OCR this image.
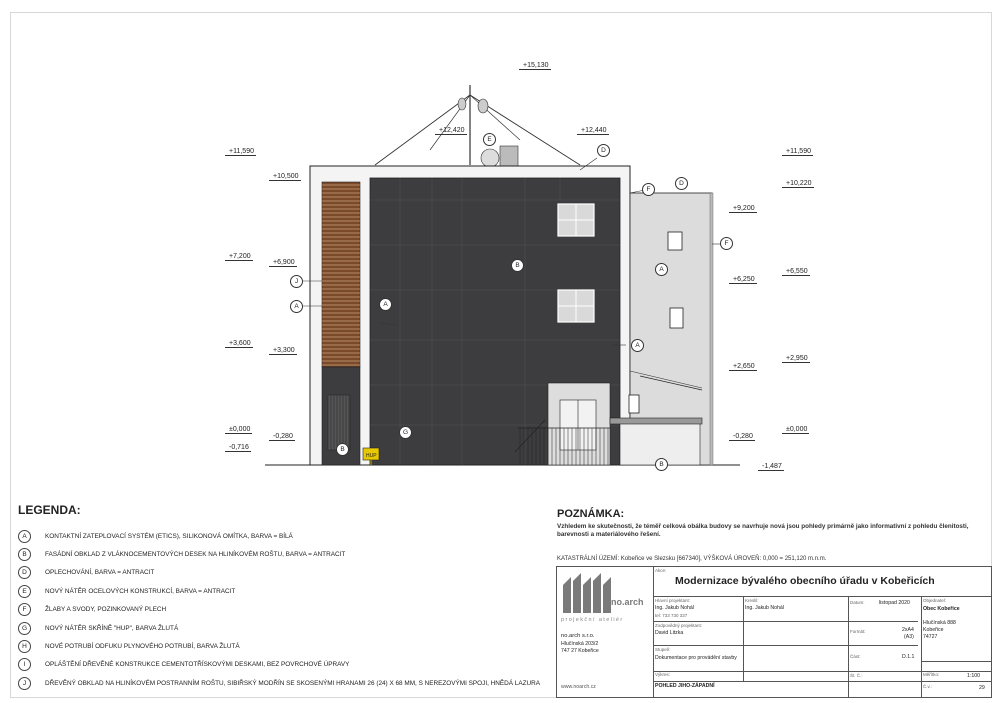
HUP
+15,130
+12,420	+12,440
+11,590
+10,500
+7,200
+6,900
+3,600
+3,300
±0,000
-0,716
-0,280
+11,590
+10,220
+9,200
+6,550
+6,250
+2,950
+2,650
-0,280
±0,000
-1,487
J
A	A
B
E
D
F
D
F
A
A
G
B
B
LEGENDA:
A	KONTAKTNÍ ZATEPLOVACÍ SYSTÉM (ETICS), SILIKONOVÁ OMÍTKA, BARVA = BÍLÁ
B	FASÁDNÍ OBKLAD Z VLÁKNOCEMENTOVÝCH DESEK NA HLINÍKOVÉM ROŠTU, BARVA = ANTRACIT
D	OPLECHOVÁNÍ, BARVA = ANTRACIT
E	NOVÝ NÁTĚR OCELOVÝCH KONSTRUKCÍ, BARVA = ANTRACIT
F	ŽLABY A SVODY, POZINKOVANÝ PLECH
G	NOVÝ NÁTĚR SKŘÍNĚ "HUP", BARVA ŽLUTÁ
H	NOVÉ POTRUBÍ ODFUKU PLYNOVÉHO POTRUBÍ, BARVA ŽLUTÁ
I	OPLÁŠTĚNÍ DŘEVĚNÉ KONSTRUKCE CEMENTOTŘÍSKOVÝMI DESKAMI, BEZ POVRCHOVÉ ÚPRAVY
J	DŘEVĚNÝ OBKLAD NA HLINÍKOVÉM POSTRANNÍM ROŠTU, SIBIŘSKÝ MODŘÍN SE SKOSENÝMI HRANAMI 26 (24) X 68 MM, S NEREZOVÝMI SPOJI, HNĚDÁ LAZURA
POZNÁMKA:
Vzhledem ke skutečnosti, že téměř celková obálka budovy se navrhuje nová jsou pohledy primárně jako informativní z pohledu členitosti, barevnosti a materiálového řešení.
KATASTRÁLNÍ ÚZEMÍ: Kobeřice ve Slezsku [667340], VÝŠKOVÁ ÚROVEŇ: 0,000 = 251,120 m.n.m.
no.arch
projekční ateliér
no.arch s.r.o.
Hlučínská 203/2
747 27 Kobeřice
www.noarch.cz
Akce:
Modernizace bývalého obecního úřadu v Kobeřicích
Hlavní projektant:
Ing. Jakub Nohál
tel: 733 730 337
Kreslil:
Ing. Jakub Nohál
Zodpovědný projektant:
David Litzka
Stupeň:
Dokumentace pro provádění stavby
Výkres:
POHLED JIHO-ZÁPADNÍ
Datum:	listopad 2020
Formát:	2xA4
(A3)
Část:	D.1.1
Št. Č.:
Objednatel:
Obec Kobeřice
Hlučínská 888
Kobeřice
74727
Měřítko:	1:100
Č.v.:	29
